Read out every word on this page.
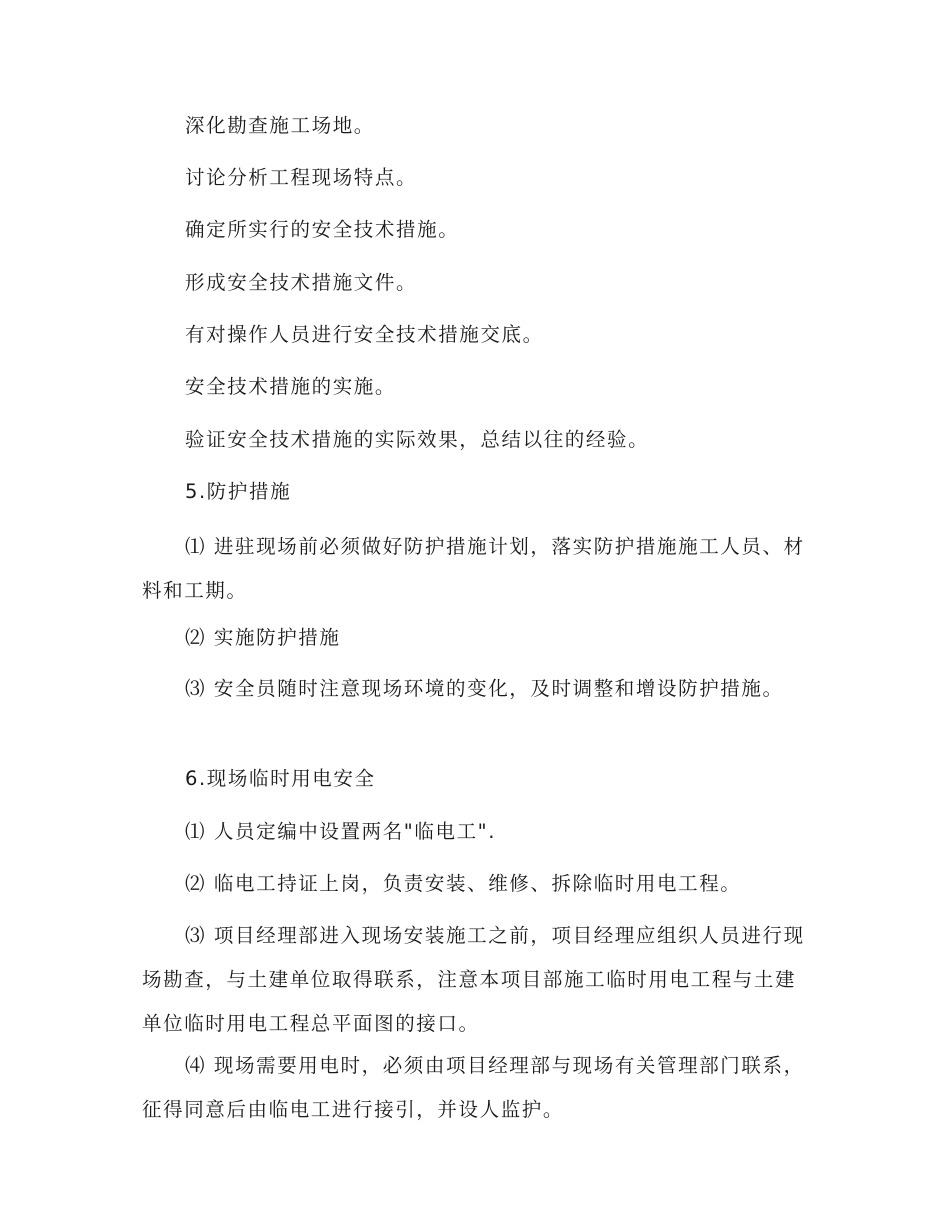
深化勘查施工场地。

讨论分析工程现场特点。

确定所实行的安全技术措施。

形成安全技术措施文件。

有对操作人员进行安全技术措施交底。

安全技术措施的实施。

验证安全技术措施的实际效果，总结以往的经验。

5.防护措施

⑴ 进驻现场前必须做好防护措施计划，落实防护措施施工人员、材料和工期。

⑵ 实施防护措施

⑶ 安全员随时注意现场环境的变化，及时调整和增设防护措施。

6.现场临时用电安全

⑴ 人员定编中设置两名"临电工".

⑵ 临电工持证上岗，负责安装、维修、拆除临时用电工程。

⑶ 项目经理部进入现场安装施工之前，项目经理应组织人员进行现场勘查，与土建单位取得联系，注意本项目部施工临时用电工程与土建单位临时用电工程总平面图的接口。

⑷ 现场需要用电时，必须由项目经理部与现场有关管理部门联系，征得同意后由临电工进行接引，并设人监护。
